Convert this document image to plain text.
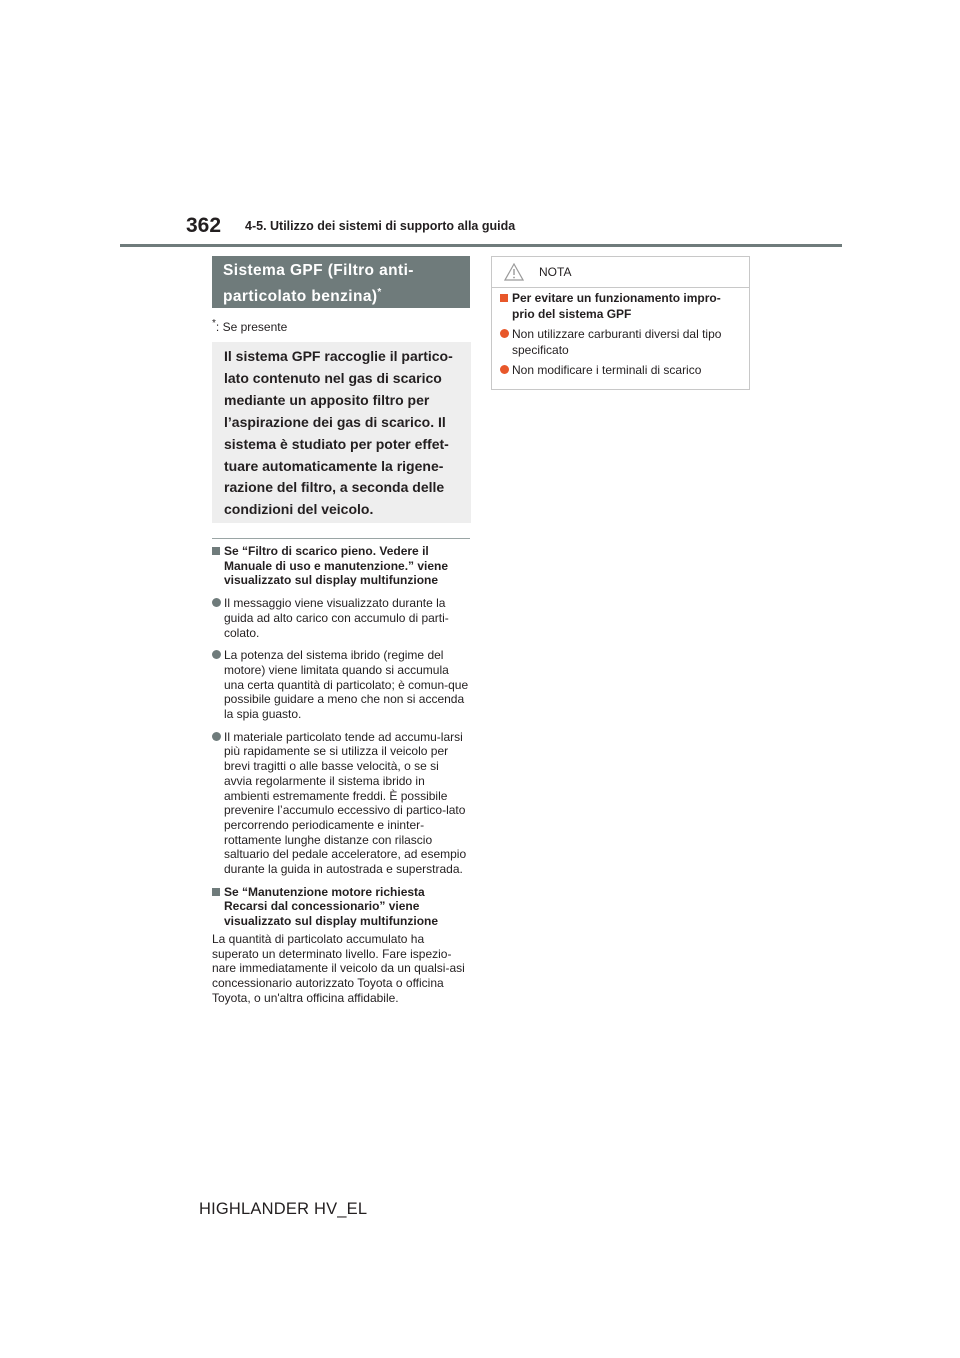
362 4-5. Utilizzo dei sistemi di supporto alla guida
Sistema GPF (Filtro anti-
particolato benzina)*
*: Se presente
Il sistema GPF raccoglie il partico-
lato contenuto nel gas di scarico
mediante un apposito filtro per
l’aspirazione dei gas di scarico. Il
sistema è studiato per poter effet-
tuare automaticamente la rigene-
razione del filtro, a seconda delle
condizioni del veicolo.
Se “Filtro di scarico pieno. Vedere il Manuale di uso e manutenzione.” viene visualizzato sul display multifunzione
Il messaggio viene visualizzato durante la guida ad alto carico con accumulo di parti-colato.
La potenza del sistema ibrido (regime del motore) viene limitata quando si accumula una certa quantità di particolato; è comun-que possibile guidare a meno che non si accenda la spia guasto.
Il materiale particolato tende ad accumu-larsi più rapidamente se si utilizza il veicolo per brevi tragitti o alle basse velocità, o se si avvia regolarmente il sistema ibrido in ambienti estremamente freddi. È possibile prevenire l’accumulo eccessivo di partico-lato percorrendo periodicamente e ininter-rottamente lunghe distanze con rilascio saltuario del pedale acceleratore, ad esempio durante la guida in autostrada e superstrada.
Se “Manutenzione motore richiesta Recarsi dal concessionario” viene visualizzato sul display multifunzione
La quantità di particolato accumulato ha superato un determinato livello. Fare ispezio-nare immediatamente il veicolo da un qualsi-asi concessionario autorizzato Toyota o officina Toyota, o un'altra officina affidabile.
NOTA
Per evitare un funzionamento impro-prio del sistema GPF
Non utilizzare carburanti diversi dal tipo specificato
Non modificare i terminali di scarico
HIGHLANDER HV_EL
